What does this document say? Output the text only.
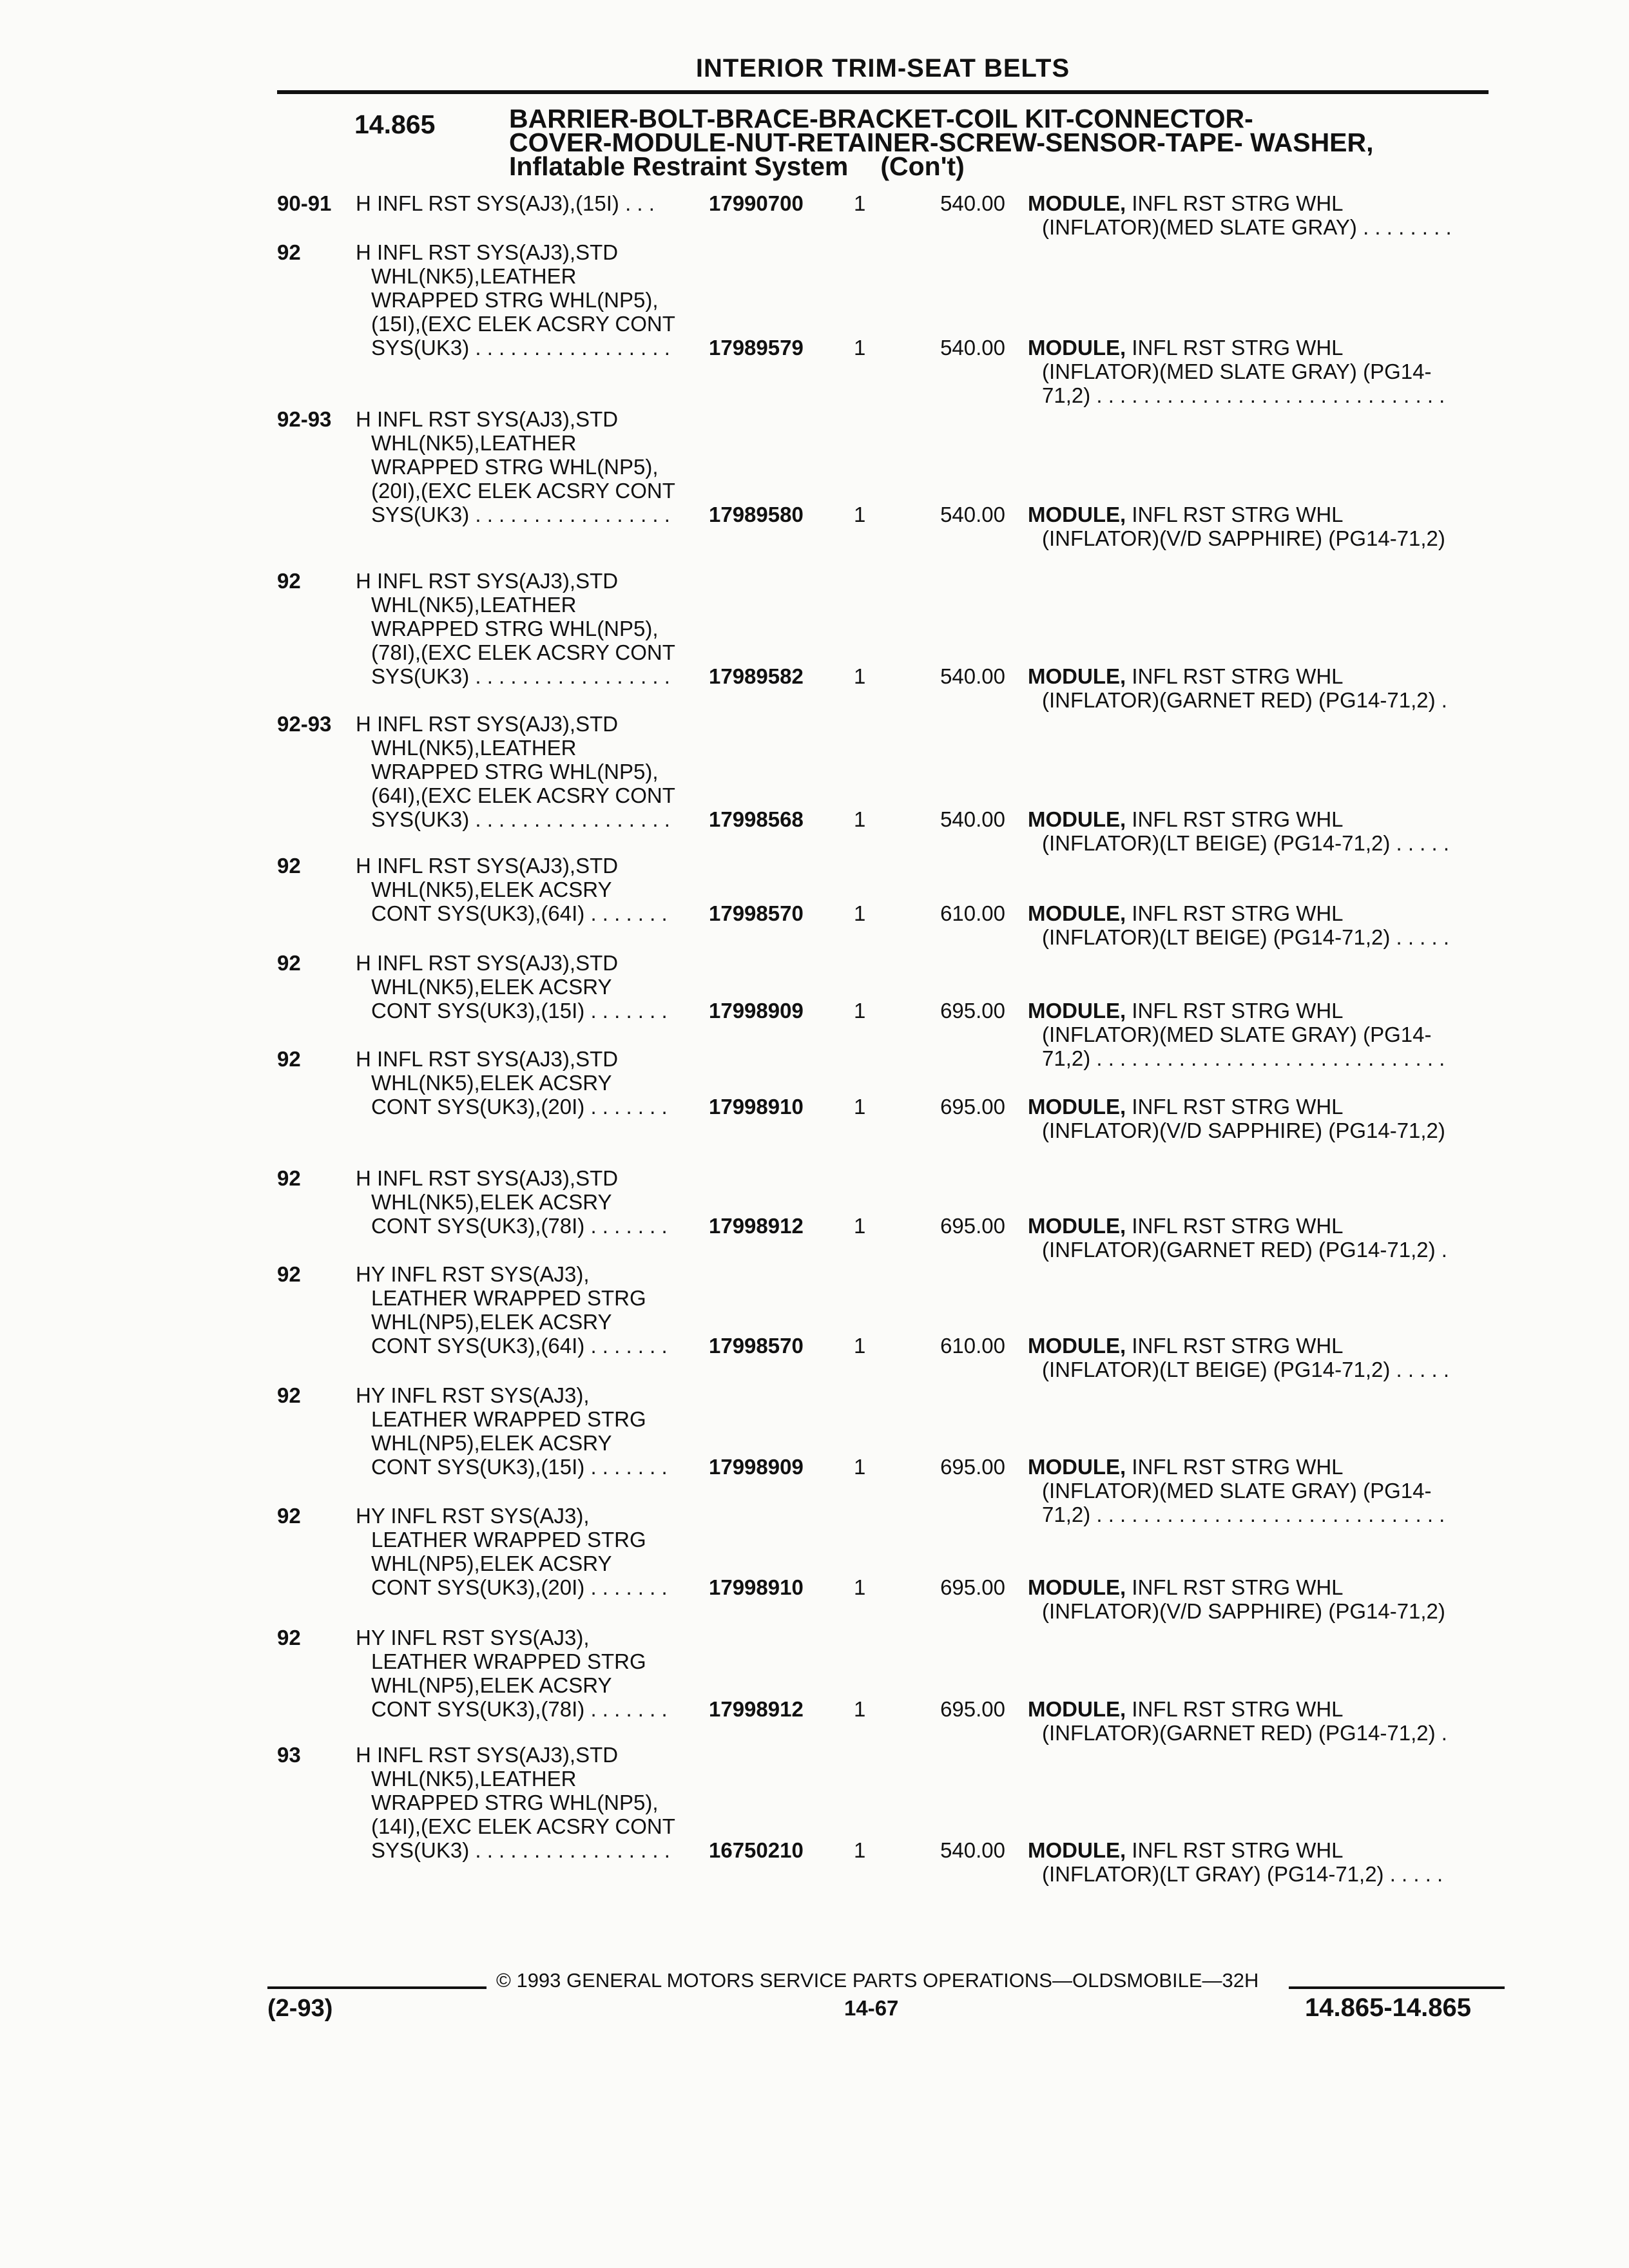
INTERIOR TRIM-SEAT BELTS
14.865	BARRIER-BOLT-BRACE-BRACKET-COIL KIT-CONNECTOR-
COVER-MODULE-NUT-RETAINER-SCREW-SENSOR-TAPE- WASHER,
Inflatable Restraint System (Con't)
90-91 H INFL RST SYS(AJ3),(15I) . . .	17990700 1	540.00 MODULE, INFL RST STRG WHL
(INFLATOR)(MED SLATE GRAY) . . . . . . . .
92	H INFL RST SYS(AJ3),STD
WHL(NK5),LEATHER
WRAPPED STRG WHL(NP5),
(15I),(EXC ELEK ACSRY CONT
SYS(UK3) . . . . . . . . . . . . . . . . . 17989579 1	540.00 MODULE, INFL RST STRG WHL
(INFLATOR)(MED SLATE GRAY) (PG14-
71,2) . . . . . . . . . . . . . . . . . . . . . . . . . . . . . .
92-93 H INFL RST SYS(AJ3),STD
WHL(NK5),LEATHER
WRAPPED STRG WHL(NP5),
(20I),(EXC ELEK ACSRY CONT
SYS(UK3) . . . . . . . . . . . . . . . . . 17989580 1	540.00 MODULE, INFL RST STRG WHL
(INFLATOR)(V/D SAPPHIRE) (PG14-71,2)
92	H INFL RST SYS(AJ3),STD
WHL(NK5),LEATHER
WRAPPED STRG WHL(NP5),
(78I),(EXC ELEK ACSRY CONT
SYS(UK3) . . . . . . . . . . . . . . . . . 17989582 1	540.00 MODULE, INFL RST STRG WHL
(INFLATOR)(GARNET RED) (PG14-71,2) .
92-93 H INFL RST SYS(AJ3),STD
WHL(NK5),LEATHER
WRAPPED STRG WHL(NP5),
(64I),(EXC ELEK ACSRY CONT
SYS(UK3) . . . . . . . . . . . . . . . . . 17998568 1	540.00 MODULE, INFL RST STRG WHL
(INFLATOR)(LT BEIGE) (PG14-71,2) . . . . .
92	H INFL RST SYS(AJ3),STD
WHL(NK5),ELEK ACSRY
CONT SYS(UK3),(64I) . . . . . . . 17998570 1	610.00 MODULE, INFL RST STRG WHL
(INFLATOR)(LT BEIGE) (PG14-71,2) . . . . .
92	H INFL RST SYS(AJ3),STD
WHL(NK5),ELEK ACSRY
CONT SYS(UK3),(15I) . . . . . . . 17998909 1	695.00 MODULE, INFL RST STRG WHL
(INFLATOR)(MED SLATE GRAY) (PG14-
71,2) . . . . . . . . . . . . . . . . . . . . . . . . . . . . . .
92	H INFL RST SYS(AJ3),STD
WHL(NK5),ELEK ACSRY
CONT SYS(UK3),(20I) . . . . . . . 17998910 1	695.00 MODULE, INFL RST STRG WHL
(INFLATOR)(V/D SAPPHIRE) (PG14-71,2)
92	H INFL RST SYS(AJ3),STD
WHL(NK5),ELEK ACSRY
CONT SYS(UK3),(78I) . . . . . . . 17998912 1	695.00 MODULE, INFL RST STRG WHL
(INFLATOR)(GARNET RED) (PG14-71,2) .
92	HY INFL RST SYS(AJ3),
LEATHER WRAPPED STRG
WHL(NP5),ELEK ACSRY
CONT SYS(UK3),(64I) . . . . . . . 17998570 1	610.00 MODULE, INFL RST STRG WHL
(INFLATOR)(LT BEIGE) (PG14-71,2) . . . . .
92	HY INFL RST SYS(AJ3),
LEATHER WRAPPED STRG
WHL(NP5),ELEK ACSRY
CONT SYS(UK3),(15I) . . . . . . . 17998909 1	695.00 MODULE, INFL RST STRG WHL
(INFLATOR)(MED SLATE GRAY) (PG14-
71,2) . . . . . . . . . . . . . . . . . . . . . . . . . . . . . .
92	HY INFL RST SYS(AJ3),
LEATHER WRAPPED STRG
WHL(NP5),ELEK ACSRY
CONT SYS(UK3),(20I) . . . . . . . 17998910 1	695.00 MODULE, INFL RST STRG WHL
(INFLATOR)(V/D SAPPHIRE) (PG14-71,2)
92	HY INFL RST SYS(AJ3),
LEATHER WRAPPED STRG
WHL(NP5),ELEK ACSRY
CONT SYS(UK3),(78I) . . . . . . . 17998912 1	695.00 MODULE, INFL RST STRG WHL
(INFLATOR)(GARNET RED) (PG14-71,2) .
93	H INFL RST SYS(AJ3),STD
WHL(NK5),LEATHER
WRAPPED STRG WHL(NP5),
(14I),(EXC ELEK ACSRY CONT
SYS(UK3) . . . . . . . . . . . . . . . . . 16750210 1	540.00 MODULE, INFL RST STRG WHL
(INFLATOR)(LT GRAY) (PG14-71,2) . . . . .
© 1993 GENERAL MOTORS SERVICE PARTS OPERATIONS—OLDSMOBILE—32H
(2-93)	14-67	14.865-14.865
